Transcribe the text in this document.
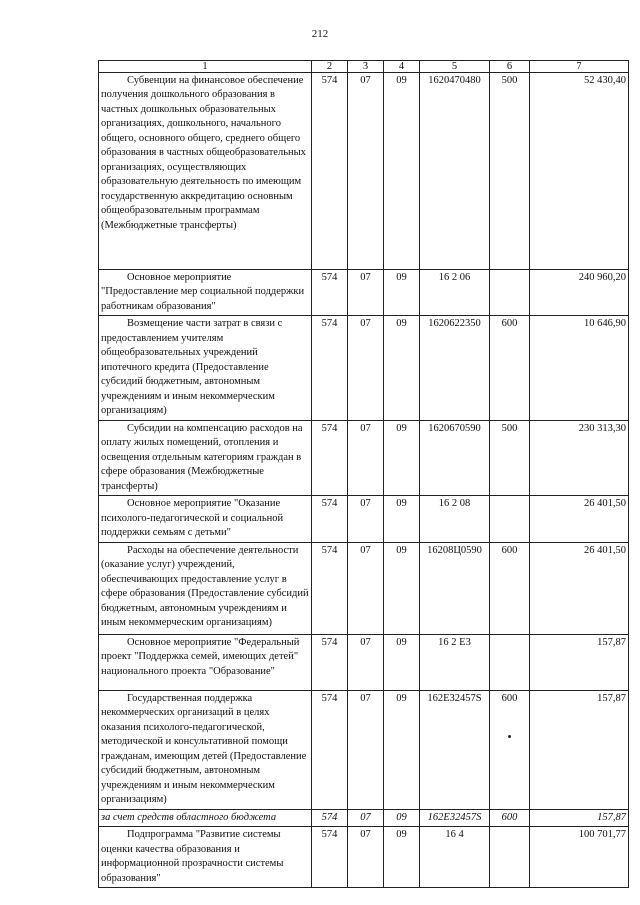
212
1	2	3	4	5	6	7

Субвенции на финансовое обеспечение получения дошкольного образования в частных дошкольных образовательных организациях, дошкольного, начального общего, основного общего, среднего общего образования в частных общеобразовательных организациях, осуществляющих образовательную деятельность по имеющим государственную аккредитацию основным общеобразовательным программам (Межбюджетные трансферты)	574	07	09	1620470480	500	52 430,40

Основное мероприятие "Предоставление мер социальной поддержки работникам образования"	574	07	09	16 2 06		240 960,20

Возмещение части затрат в связи с предоставлением учителям общеобразовательных учреждений ипотечного кредита (Предоставление субсидий бюджетным, автономным учреждениям и иным некоммерческим организациям)	574	07	09	1620622350	600	10 646,90

Субсидии на компенсацию расходов на оплату жилых помещений, отопления и освещения отдельным категориям граждан в сфере образования (Межбюджетные трансферты)	574	07	09	1620670590	500	230 313,30

Основное мероприятие "Оказание психолого-педагогической и социальной поддержки семьям с детьми"	574	07	09	16 2 08		26 401,50

Расходы на обеспечение деятельности (оказание услуг) учреждений, обеспечивающих предоставление услуг в сфере образования (Предоставление субсидий бюджетным, автономным учреждениям и иным некоммерческим организациям)	574	07	09	16208Ц0590	600	26 401,50

Основное мероприятие "Федеральный проект "Поддержка семей, имеющих детей" национального проекта "Образование"	574	07	09	16 2 E3		157,87

Государственная поддержка некоммерческих организаций в целях оказания психолого-педагогической, методической и консультативной помощи гражданам, имеющим детей (Предоставление субсидий бюджетным, автономным учреждениям и иным некоммерческим организациям)	574	07	09	162E32457S	600	157,87
за счет средств областного бюджета	574	07	09	162E32457S	600	157,87

Подпрограмма "Развитие системы оценки качества образования и информационной прозрачности системы образования"	574	07	09	16 4		100 701,77
